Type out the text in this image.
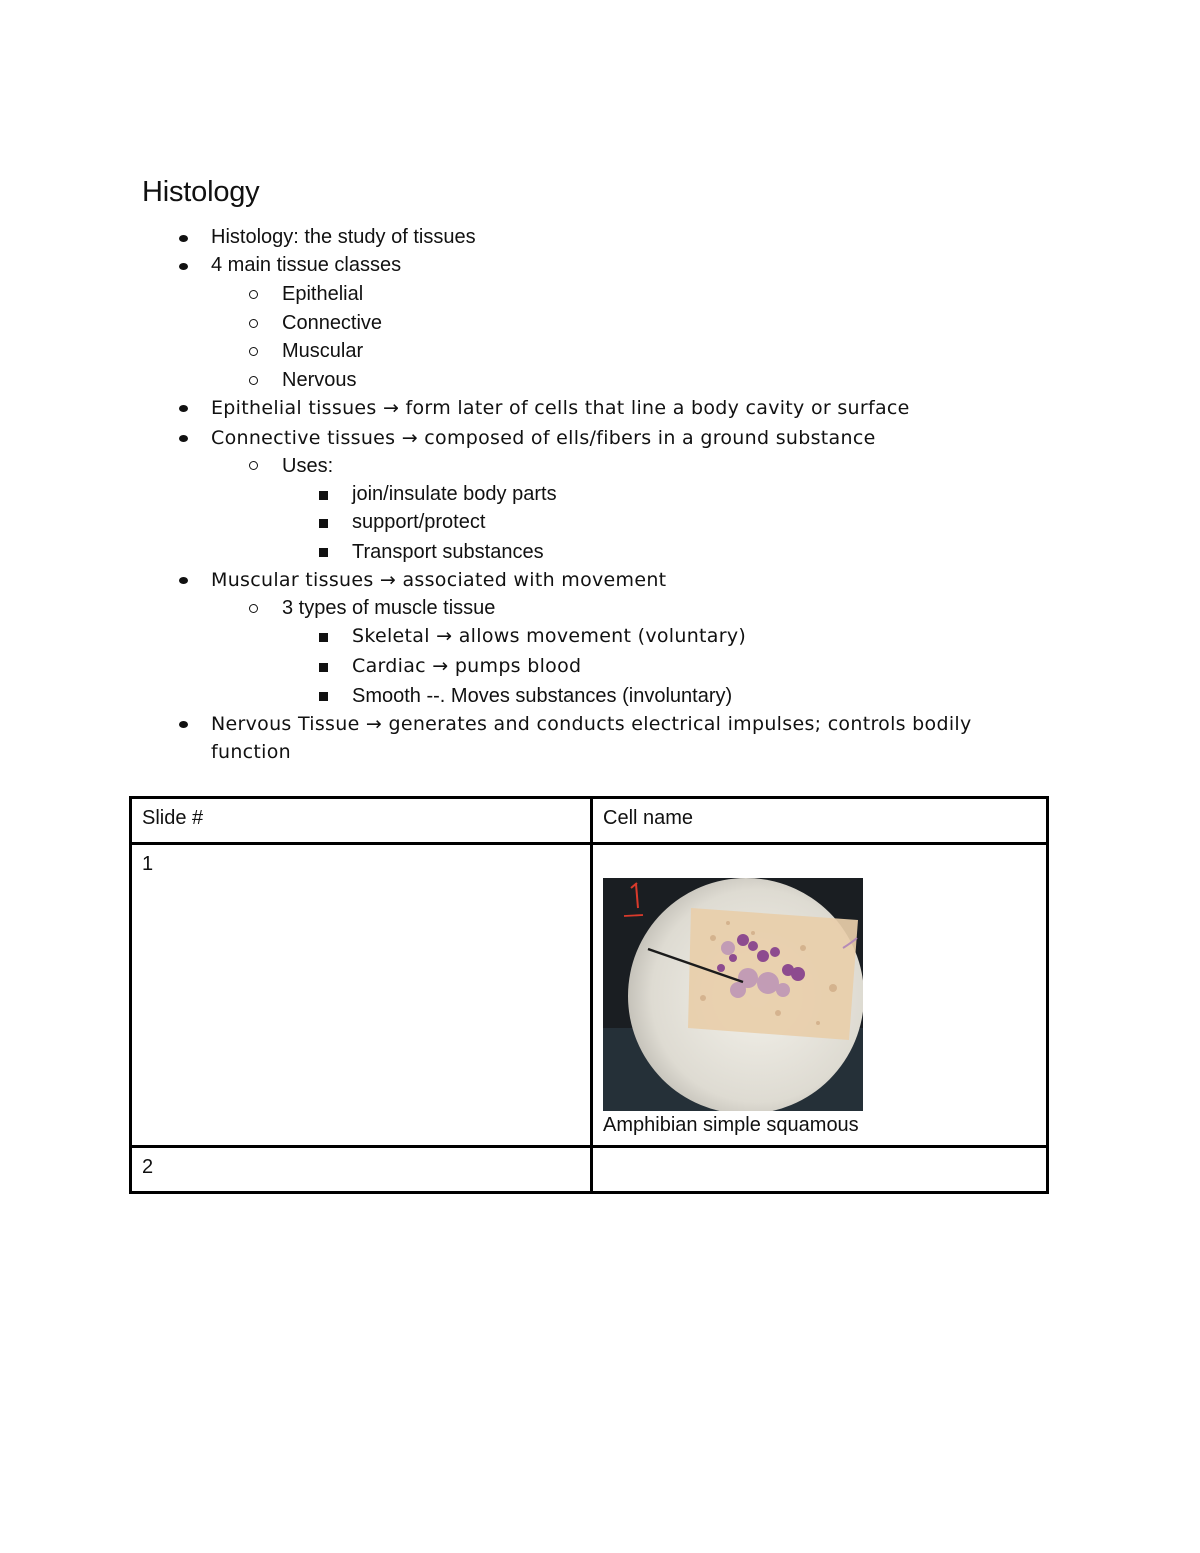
Histology
Histology: the study of tissues
4 main tissue classes
Epithelial
Connective
Muscular
Nervous
Epithelial tissues → form later of cells that line a body cavity or surface
Connective tissues → composed of ells/fibers in a ground substance
Uses:
join/insulate body parts
support/protect
Transport substances
Muscular tissues → associated with movement
3 types of muscle tissue
Skeletal → allows movement (voluntary)
Cardiac → pumps blood
Smooth --. Moves substances (involuntary)
Nervous Tissue → generates and conducts electrical impulses; controls bodily
function
Slide #	Cell name
1	Amphibian simple squamous

2	
